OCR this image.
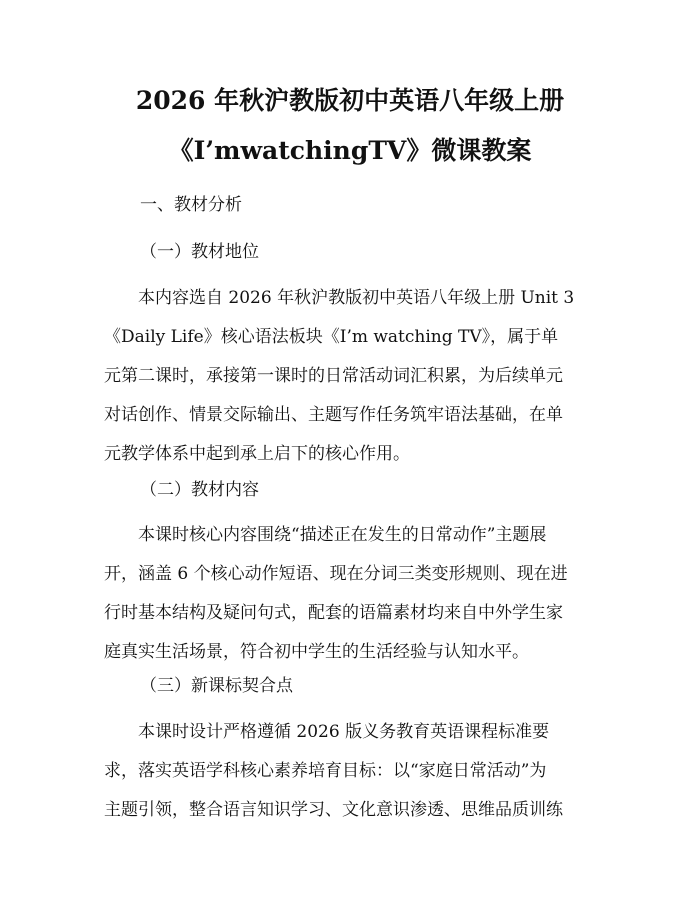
2026 年秋沪教版初中英语八年级上册
《I’mwatchingTV》微课教案
一、教材分析
（一）教材地位
本内容选自 2026 年秋沪教版初中英语八年级上册 Unit 3
《Daily Life》核心语法板块《I’m watching TV》，属于单
元第二课时，承接第一课时的日常活动词汇积累，为后续单元
对话创作、情景交际输出、主题写作任务筑牢语法基础，在单
元教学体系中起到承上启下的核心作用。
（二）教材内容
本课时核心内容围绕“描述正在发生的日常动作”主题展
开，涵盖 6 个核心动作短语、现在分词三类变形规则、现在进
行时基本结构及疑问句式，配套的语篇素材均来自中外学生家
庭真实生活场景，符合初中学生的生活经验与认知水平。
（三）新课标契合点
本课时设计严格遵循 2026 版义务教育英语课程标准要
求，落实英语学科核心素养培育目标：以“家庭日常活动”为
主题引领，整合语言知识学习、文化意识渗透、思维品质训练
